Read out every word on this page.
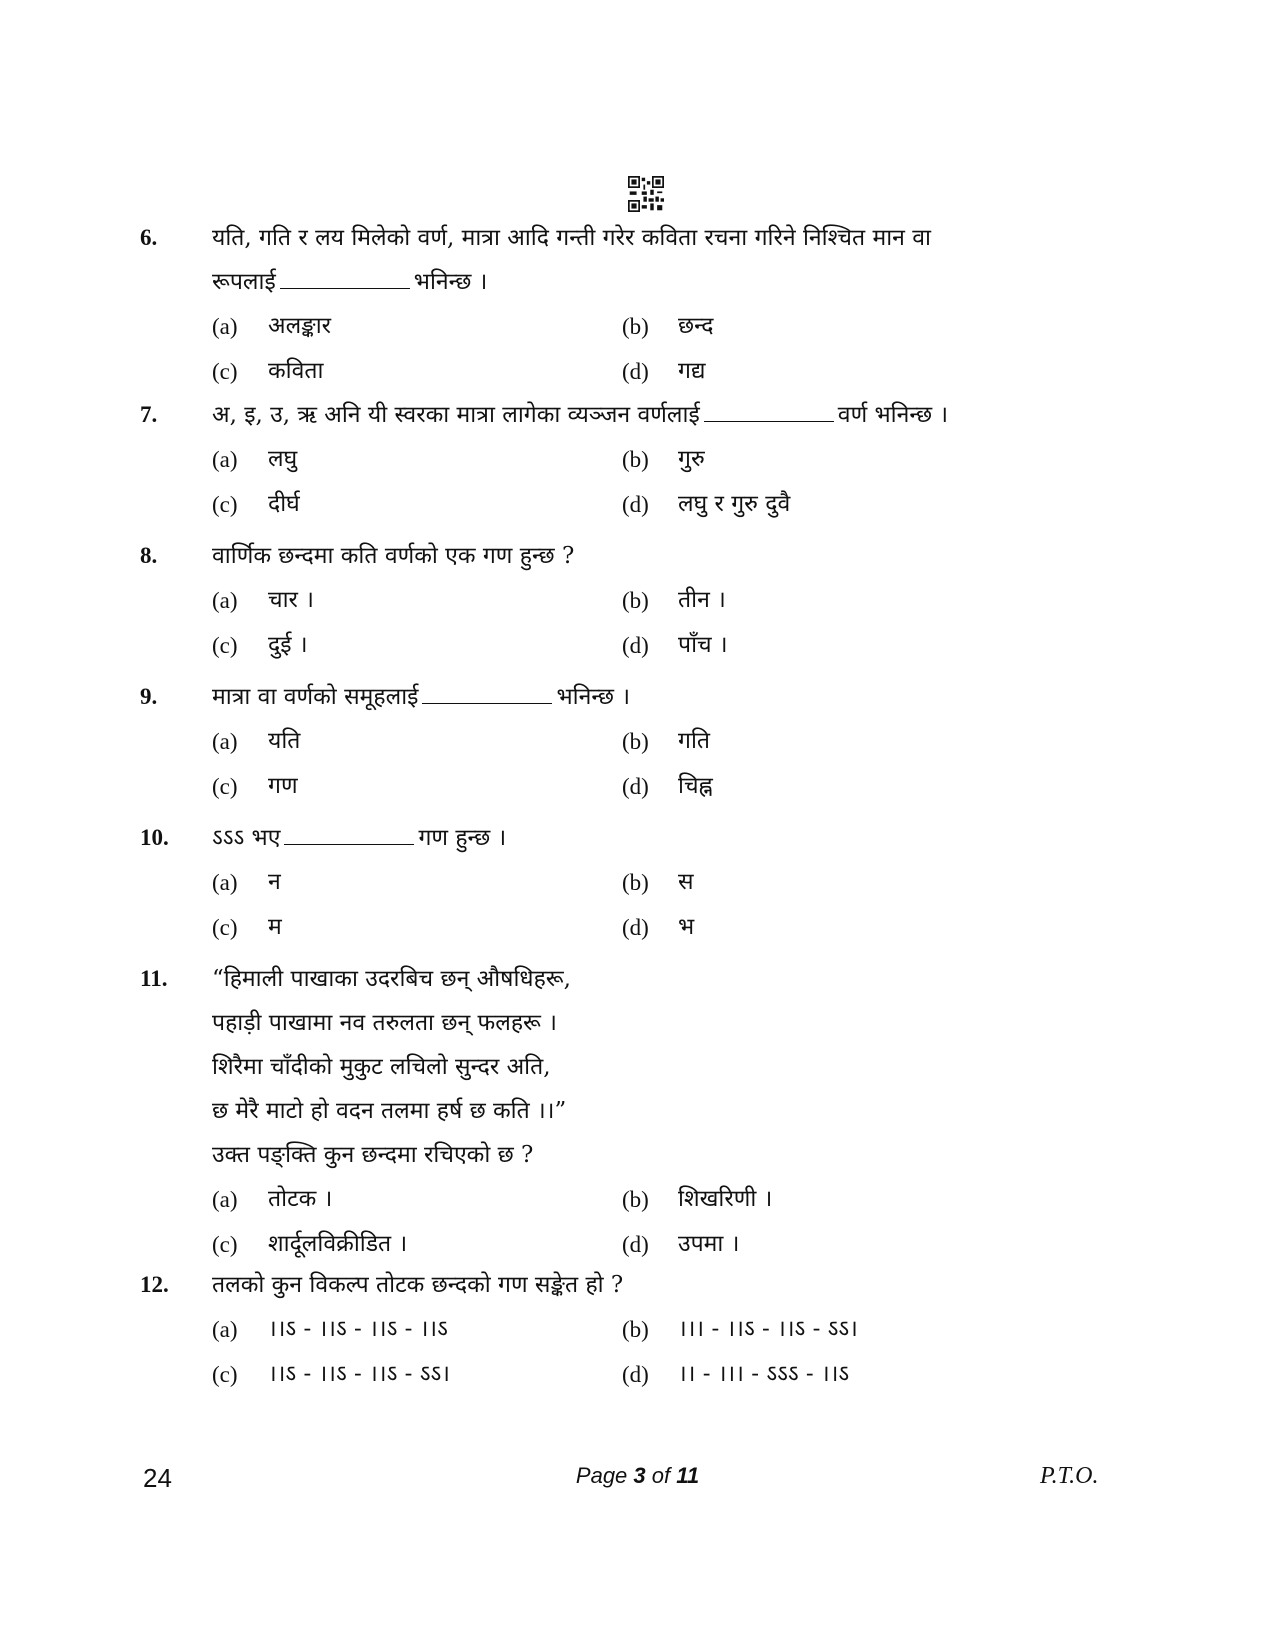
6.	यति, गति र लय मिलेको वर्ण, मात्रा आदि गन्ती गरेर कविता रचना गरिने निश्चित मान वा
रूपलाई	भनिन्छ ।
(a)	अलङ्कार	(b)	छन्द
(c)	कविता	(d)	गद्य
7.	अ, इ, उ, ऋ अनि यी स्वरका मात्रा लागेका व्यञ्जन वर्णलाई	वर्ण भनिन्छ ।
(a)	लघु	(b)	गुरु
(c)	दीर्घ	(d)	लघु र गुरु दुवै
8.	वार्णिक छन्दमा कति वर्णको एक गण हुन्छ ?
(a)	चार ।	(b)	तीन ।
(c)	दुई ।	(d)	पाँच ।
9.	मात्रा वा वर्णको समूहलाई	भनिन्छ ।
(a)	यति	(b)	गति
(c)	गण	(d)	चिह्न
10.	ऽऽऽ भए	गण हुन्छ ।
(a)	न	(b)	स
(c)	म	(d)	भ
11.	“हिमाली पाखाका उदरबिच छन् औषधिहरू,
पहाड़ी पाखामा नव तरुलता छन् फलहरू ।
शिरैमा चाँदीको मुकुट लचिलो सुन्दर अति,
छ मेरै माटो हो वदन तलमा हर्ष छ कति ।।”
उक्त पङ्क्ति कुन छन्दमा रचिएको छ ?
(a)	तोटक ।	(b)	शिखरिणी ।
(c)	शार्दूलविक्रीडित ।	(d)	उपमा ।
12.	तलको कुन विकल्प तोटक छन्दको गण सङ्केत हो ?
(a)	।।ऽ - ।।ऽ - ।।ऽ - ।।ऽ	(b)	।।। - ।।ऽ - ।।ऽ - ऽऽ।
(c)	।।ऽ - ।।ऽ - ।।ऽ - ऽऽ।	(d)	।। - ।।। - ऽऽऽ - ।।ऽ
24	Page 3 of 11	P.T.O.
